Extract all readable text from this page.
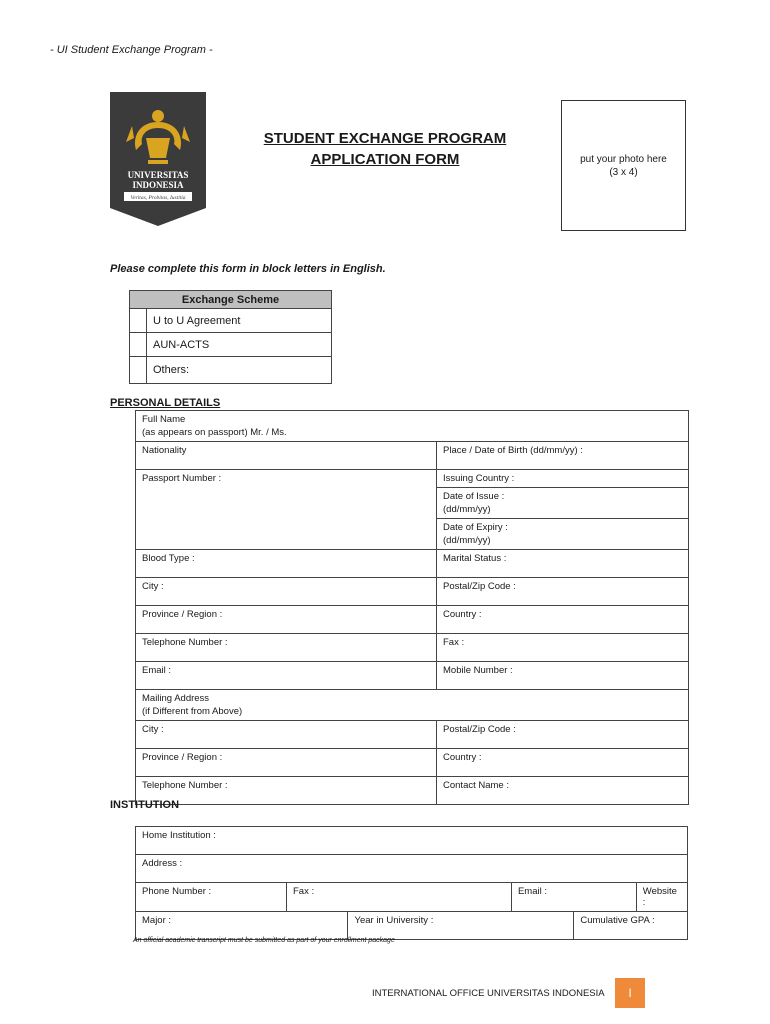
- UI Student Exchange Program -
UNIVERSITAS
INDONESIA
Veritas, Probitas, Iustitia
STUDENT EXCHANGE PROGRAM
APPLICATION FORM	put your photo here
(3 x 4)
Please complete this form in block letters in English.
Exchange Scheme	
	U to U Agreement
	AUN-ACTS
	Others:
PERSONAL DETAILS
Full Name
(as appears on passport) Mr. / Ms.	

Nationality	Place / Date of Birth (dd/mm/yy) :
Passport Number :	Issuing Country :

	Date of Issue :
(dd/mm/yy)

	Date of Expiry :
(dd/mm/yy)

Blood Type :	Marital Status :
City :	Postal/Zip Code :
Province / Region :	Country :
Telephone Number :	Fax :
Email :	Mobile Number :

Mailing Address
(if Different from Above)	

City :	Postal/Zip Code :
Province / Region :	Country :
Telephone Number :	Contact Name :
INSTITUTION
Home Institution :					
Address :					
Phone Number :	Fax :		Email :		Website :
Major :		Year in University :		Cumulative GPA :	
An official academic transcript must be submitted as part of your enrollment package
INTERNATIONAL OFFICE UNIVERSITAS INDONESIA	I
